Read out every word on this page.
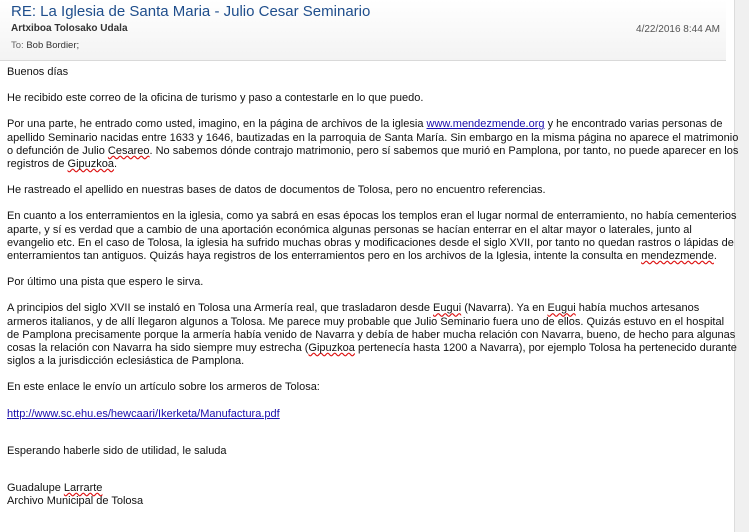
RE: La Iglesia de Santa Maria - Julio Cesar Seminario
Artxiboa Tolosako Udala	4/22/2016 8:44 AM
To: Bob Bordier;

Buenos días

He recibido este correo de la oficina de turismo y paso a contestarle en lo que puedo.

Por una parte, he entrado como usted, imagino, en la página de archivos de la iglesia www.mendezmende.org y he encontrado varias personas de apellido Seminario nacidas entre 1633 y 1646, bautizadas en la parroquia de Santa María. Sin embargo en la misma página no aparece el matrimonio o defunción de Julio Cesareo. No sabemos dónde contrajo matrimonio, pero sí sabemos que murió en Pamplona, por tanto, no puede aparecer en los registros de Gipuzkoa.

He rastreado el apellido en nuestras bases de datos de documentos de Tolosa, pero no encuentro referencias.

En cuanto a los enterramientos en la iglesia, como ya sabrá en esas épocas los templos eran el lugar normal de enterramiento, no había cementerios aparte, y sí es verdad que a cambio de una aportación económica algunas personas se hacían enterrar en el altar mayor o laterales, junto al evangelio etc. En el caso de Tolosa, la iglesia ha sufrido muchas obras y modificaciones desde el siglo XVII, por tanto no quedan rastros o lápidas de enterramientos tan antiguos. Quizás haya registros de los enterramientos pero en los archivos de la Iglesia, intente la consulta en mendezmende.

Por último una pista que espero le sirva.

A principios del siglo XVII se instaló en Tolosa una Armería real, que trasladaron desde Eugui (Navarra). Ya en Eugui había muchos artesanos armeros italianos, y de allí llegaron algunos a Tolosa. Me parece muy probable que Julio Seminario fuera uno de ellos. Quizás estuvo en el hospital de Pamplona precisamente porque la armería había venido de Navarra y debía de haber mucha relación con Navarra, bueno, de hecho para algunas cosas la relación con Navarra ha sido siempre muy estrecha (Gipuzkoa pertenecía hasta 1200 a Navarra), por ejemplo Tolosa ha pertenecido durante siglos a la jurisdicción eclesiástica de Pamplona.

En este enlace le envío un artículo sobre los armeros de Tolosa:

http://www.sc.ehu.es/hewcaari/Ikerketa/Manufactura.pdf

Esperando haberle sido de utilidad, le saluda

Guadalupe Larrarte

Archivo Municipal de Tolosa
